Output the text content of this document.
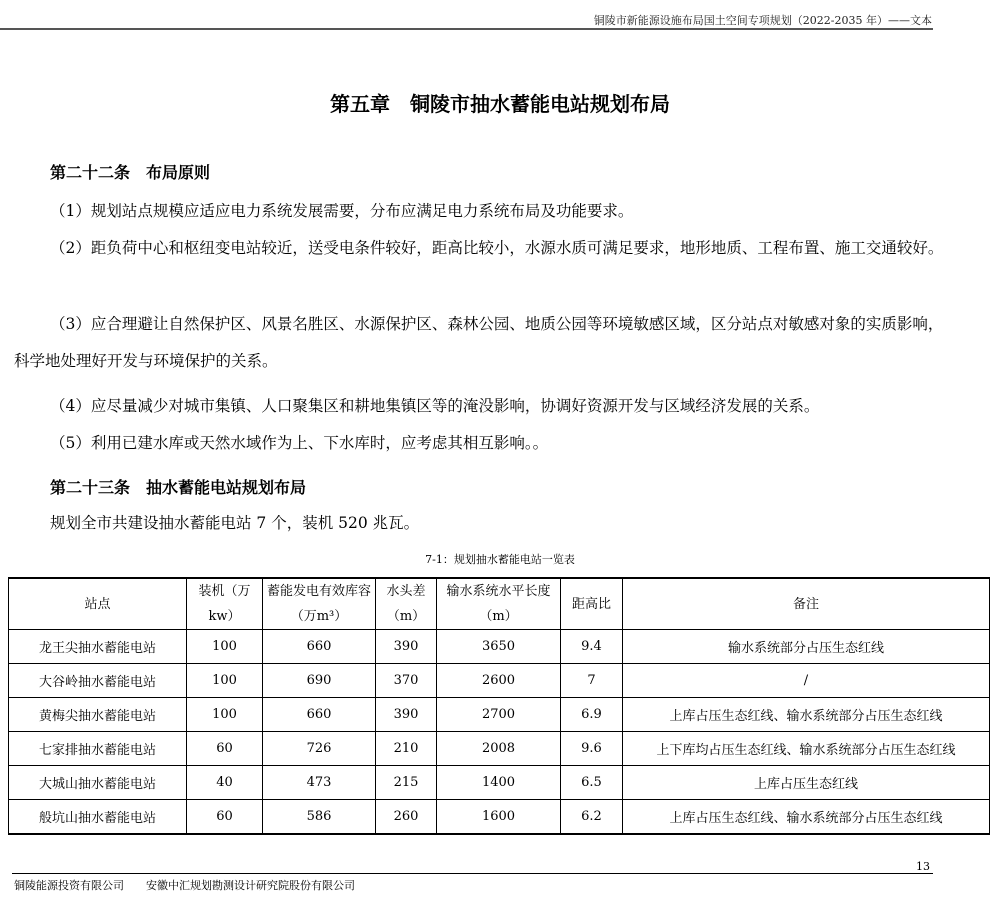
铜陵市新能源设施布局国土空间专项规划（2022-2035 年）——文本
第五章　铜陵市抽水蓄能电站规划布局
第二十二条　布局原则
（1）规划站点规模应适应电力系统发展需要，分布应满足电力系统布局及功能要求。
（2）距负荷中心和枢纽变电站较近，送受电条件较好，距高比较小，水源水质可满足要求，地形地质、工程布置、施工交通较好。
（3）应合理避让自然保护区、风景名胜区、水源保护区、森林公园、地质公园等环境敏感区域，区分站点对敏感对象的实质影响，科学地处理好开发与环境保护的关系。
（4）应尽量减少对城市集镇、人口聚集区和耕地集镇区等的淹没影响，协调好资源开发与区域经济发展的关系。
（5）利用已建水库或天然水域作为上、下水库时，应考虑其相互影响。。
第二十三条　抽水蓄能电站规划布局
规划全市共建设抽水蓄能电站 7 个，装机 520 兆瓦。
7-1：规划抽水蓄能电站一览表
站点	装机（万kw）	蓄能发电有效库容（万m³）	水头差（m）	输水系统水平长度（m）	距高比	备注
龙王尖抽水蓄能电站	100	660	390	3650	9.4	输水系统部分占压生态红线
大谷岭抽水蓄能电站	100	690	370	2600	7	/
黄梅尖抽水蓄能电站	100	660	390	2700	6.9	上库占压生态红线、输水系统部分占压生态红线
七家排抽水蓄能电站	60	726	210	2008	9.6	上下库均占压生态红线、输水系统部分占压生态红线
大城山抽水蓄能电站	40	473	215	1400	6.5	上库占压生态红线
般坑山抽水蓄能电站	60	586	260	1600	6.2	上库占压生态红线、输水系统部分占压生态红线
13
铜陵能源投资有限公司　　安徽中汇规划勘测设计研究院股份有限公司
